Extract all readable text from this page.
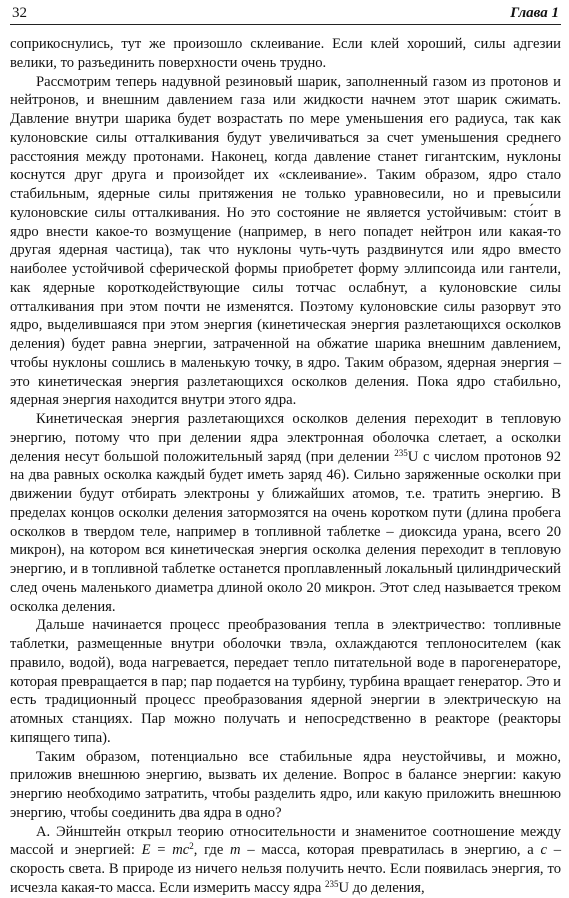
32	Глава 1

соприкоснулись, тут же произошло склеивание. Если клей хороший, силы адгезии велики, то разъединить поверхности очень трудно.

Рассмотрим теперь надувной резиновый шарик, заполненный газом из протонов и нейтронов, и внешним давлением газа или жидкости начнем этот шарик сжимать. Давление внутри шарика будет возрастать по мере уменьшения его радиуса, так как кулоновские силы отталкивания будут увеличиваться за счет уменьшения среднего расстояния между протонами. Наконец, когда давление станет гигантским, нуклоны коснутся друг друга и произойдет их «склеивание». Таким образом, ядро стало стабильным, ядерные силы притяжения не только уравновесили, но и превысили кулоновские силы отталкивания. Но это состояние не является устойчивым: сто́ит в ядро внести какое-то возмущение (например, в него попадет нейтрон или какая-то другая ядерная частица), так что нуклоны чуть-чуть раздвинутся или ядро вместо наиболее устойчивой сферической формы приобретет форму эллипсоида или гантели, как ядерные короткодействующие силы тотчас ослабнут, а кулоновские силы отталкивания при этом почти не изменятся. Поэтому кулоновские силы разорвут это ядро, выделившаяся при этом энергия (кинетическая энергия разлетающихся осколков деления) будет равна энергии, затраченной на обжатие шарика внешним давлением, чтобы нуклоны сошлись в маленькую точку, в ядро. Таким образом, ядерная энергия – это кинетическая энергия разлетающихся осколков деления. Пока ядро стабильно, ядерная энергия находится внутри этого ядра.

Кинетическая энергия разлетающихся осколков деления переходит в тепловую энергию, потому что при делении ядра электронная оболочка слетает, а осколки деления несут большой положительный заряд (при делении $^{235}$U с числом протонов 92 на два равных осколка каждый будет иметь заряд 46). Сильно заряженные осколки при движении будут отбирать электроны у ближайших атомов, т.е. тратить энергию. В пределах концов осколки деления затормозятся на очень коротком пути (длина пробега осколков в твердом теле, например в топливной таблетке – диоксида урана, всего 20 микрон), на котором вся кинетическая энергия осколка деления переходит в тепловую энергию, и в топливной таблетке останется проплавленный локальный цилиндрический след очень маленького диаметра длиной около 20 микрон. Этот след называется треком осколка деления.

Дальше начинается процесс преобразования тепла в электричество: топливные таблетки, размещенные внутри оболочки твэла, охлаждаются теплоносителем (как правило, водой), вода нагревается, передает тепло питательной воде в парогенераторе, которая превращается в пар; пар подается на турбину, турбина вращает генератор. Это и есть традиционный процесс преобразования ядерной энергии в электрическую на атомных станциях. Пар можно получать и непосредственно в реакторе (реакторы кипящего типа).

Таким образом, потенциально все стабильные ядра неустойчивы, и можно, приложив внешнюю энергию, вызвать их деление. Вопрос в балансе энергии: какую энергию необходимо затратить, чтобы разделить ядро, или какую приложить внешнюю энергию, чтобы соединить два ядра в одно?

А. Эйнштейн открыл теорию относительности и знаменитое соотношение между массой и энергией: $E = mc^2$, где m – масса, которая превратилась в энергию, а c – скорость света. В природе из ничего нельзя получить нечто. Если появилась энергия, то исчезла какая-то масса. Если измерить массу ядра $^{235}$U до деления,
